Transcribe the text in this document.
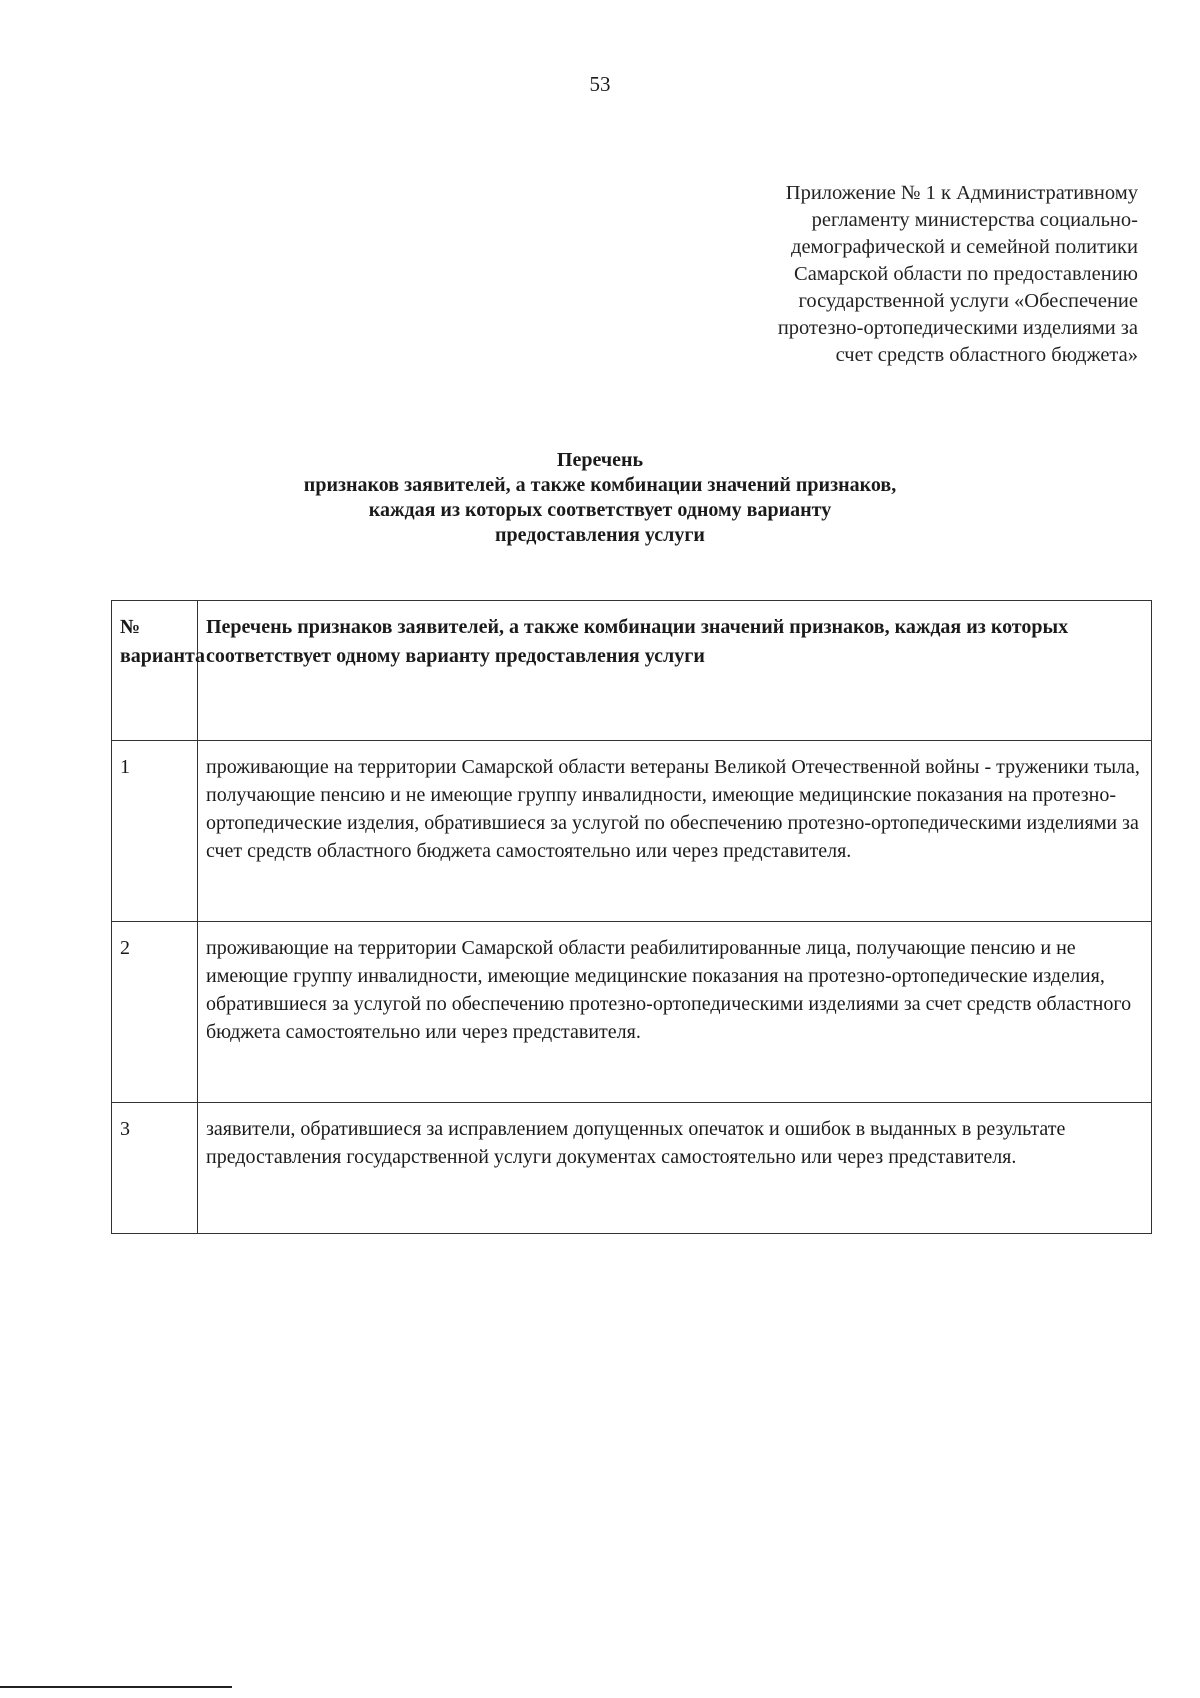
53
Приложение № 1 к Административному
регламенту министерства социально-
демографической и семейной политики
Самарской области по предоставлению
государственной услуги «Обеспечение
протезно-ортопедическими изделиями за
счет средств областного бюджета»
Перечень
признаков заявителей, а также комбинации значений признаков,
каждая из которых соответствует одному варианту
предоставления услуги
№ варианта	Перечень признаков заявителей, а также комбинации значений признаков, каждая из которых соответствует одному варианту предоставления услуги
1	проживающие на территории Самарской области ветераны Великой Отечественной войны - труженики тыла, получающие пенсию и не имеющие группу инвалидности, имеющие медицинские показания на протезно-ортопедические изделия, обратившиеся за услугой по обеспечению протезно-ортопедическими изделиями за счет средств областного бюджета самостоятельно или через представителя.
2	проживающие на территории Самарской области реабилитированные лица, получающие пенсию и не имеющие группу инвалидности, имеющие медицинские показания на протезно-ортопедические изделия, обратившиеся за услугой по обеспечению протезно-ортопедическими изделиями за счет средств областного бюджета самостоятельно или через представителя.
3	заявители, обратившиеся за исправлением допущенных опечаток и ошибок в выданных в результате предоставления государственной услуги документах самостоятельно или через представителя.
